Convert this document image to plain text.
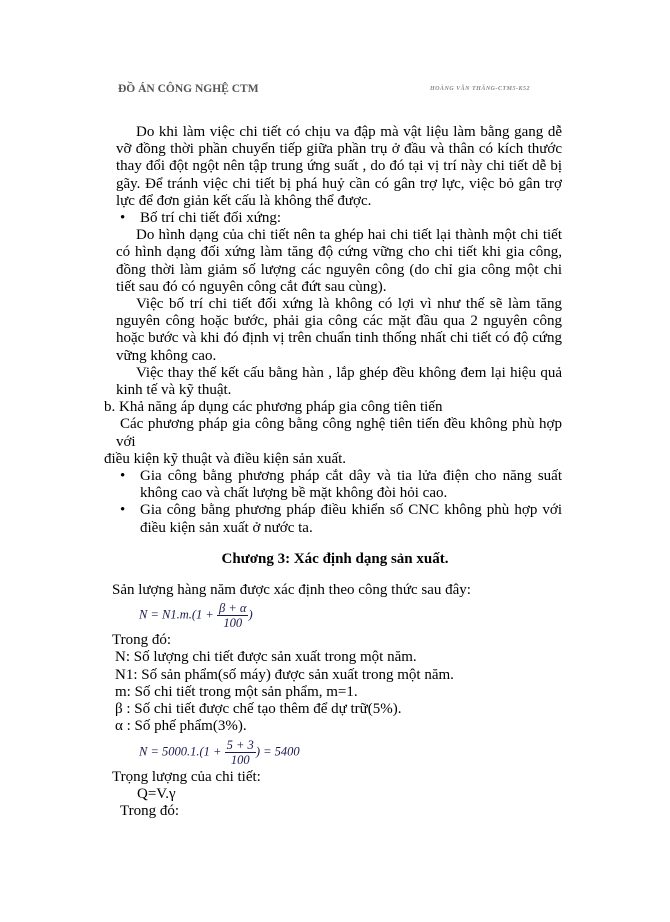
ĐỒ ÁN CÔNG NGHỆ CTM	HOÀNG VĂN THẮNG-CTM5-K52
Do khi làm việc chi tiết có chịu va đập mà vật liệu làm bằng gang dễ vỡ đồng thời phần chuyển tiếp giữa phần trụ ở đầu và thân có kích thước thay đổi đột ngột nên tập trung ứng suất , do đó tại vị trí này chi tiết dễ bị gãy. Để tránh việc chi tiết bị phá huỷ cần có gân trợ lực, việc bỏ gân trợ lực để đơn giản kết cấu là không thể được.
• Bố trí chi tiết đối xứng:
Do hình dạng của chi tiết nên ta ghép hai chi tiết lại thành một chi tiết có hình dạng đối xứng làm tăng độ cứng vững cho chi tiết khi gia công, đồng thời làm giảm số lượng các nguyên công (do chỉ gia công một chi tiết sau đó có nguyên công cắt đứt sau cùng).
Việc bố trí chi tiết đối xứng là không có lợi vì như thế sẽ làm tăng nguyên công hoặc bước, phải gia công các mặt đầu qua 2 nguyên công hoặc bước và khi đó định vị trên chuẩn tinh thống nhất chi tiết có độ cứng vững không cao.
Việc thay thế kết cấu bằng hàn , lắp ghép đều không đem lại hiệu quả kinh tế và kỹ thuật.
b. Khả năng áp dụng các phương pháp gia công tiên tiến
Các phương pháp gia công bằng công nghệ tiên tiến đều không phù hợp với
điều kiện kỹ thuật và điều kiện sản xuất.
• Gia công bằng phương pháp cắt dây và tia lửa điện cho năng suất không cao và chất lượng bề mặt không đòi hỏi cao.
• Gia công bằng phương pháp điều khiển số CNC không phù hợp với điều kiện sản xuất ở nước ta.
Chương 3: Xác định dạng sản xuất.
Sản lượng hàng năm được xác định theo công thức sau đây:
$N = N1.m.(1 + \frac{\beta + \alpha}{100}$ )
Trong đó:
N: Số lượng chi tiết được sản xuất trong một năm.
N1: Số sản phẩm(số máy) được sản xuất trong một năm.
m: Số chi tiết trong một sản phẩm, m=1.
β : Số chi tiết được chế tạo thêm để dự trữ(5%).
α : Số phế phẩm(3%).
$N = 5000.1.(1 + \frac{5 + 3}{100}$ ) = 5400
Trọng lượng của chi tiết:
Q=V.γ
Trong đó:
